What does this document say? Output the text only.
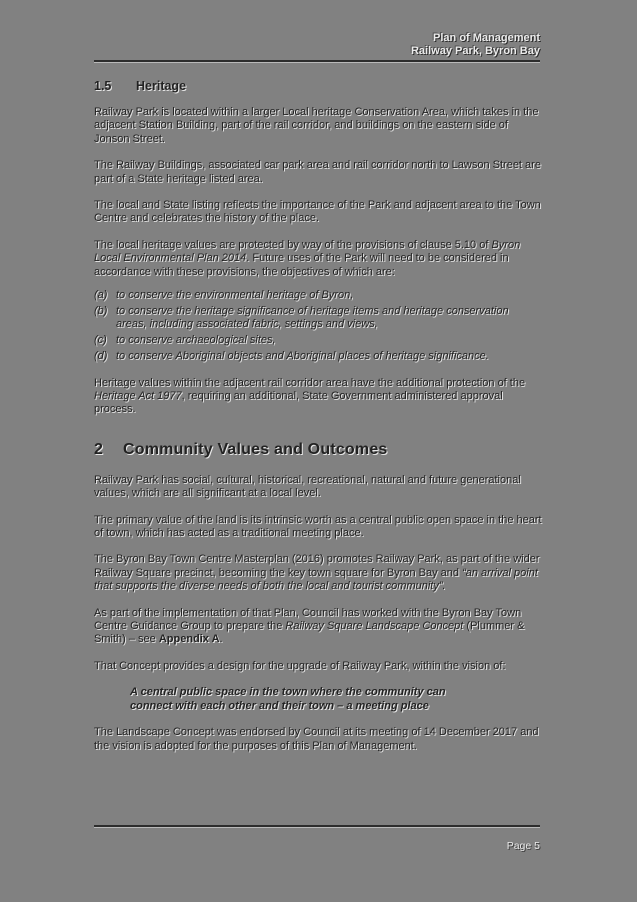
Plan of Management
Railway Park, Byron Bay
1.5	Heritage

Railway Park is located within a larger Local heritage Conservation Area, which takes in the adjacent Station Building, part of the rail corridor, and buildings on the eastern side of Jonson Street.

The Railway Buildings, associated car park area and rail corridor north to Lawson Street are part of a State heritage listed area.

The local and State listing reflects the importance of the Park and adjacent area to the Town Centre and celebrates the history of the place.

The local heritage values are protected by way of the provisions of clause 5.10 of Byron Local Environmental Plan 2014. Future uses of the Park will need to be considered in accordance with these provisions, the objectives of which are:

(a) to conserve the environmental heritage of Byron,
(b) to conserve the heritage significance of heritage items and heritage conservation areas, including associated fabric, settings and views,
(c) to conserve archaeological sites,
(d) to conserve Aboriginal objects and Aboriginal places of heritage significance.

Heritage values within the adjacent rail corridor area have the additional protection of the Heritage Act 1977, requiring an additional, State Government administered approval process.

2	Community Values and Outcomes

Railway Park has social, cultural, historical, recreational, natural and future generational values, which are all significant at a local level.

The primary value of the land is its intrinsic worth as a central public open space in the heart of town, which has acted as a traditional meeting place.

The Byron Bay Town Centre Masterplan (2016) promotes Railway Park, as part of the wider Railway Square precinct, becoming the key town square for Byron Bay and “an arrival point that supports the diverse needs of both the local and tourist community”.

As part of the implementation of that Plan, Council has worked with the Byron Bay Town Centre Guidance Group to prepare the Railway Square Landscape Concept (Plummer & Smith) – see Appendix A.

That Concept provides a design for the upgrade of Railway Park, within the vision of:

A central public space in the town where the community can connect with each other and their town – a meeting place

The Landscape Concept was endorsed by Council at its meeting of 14 December 2017 and the vision is adopted for the purposes of this Plan of Management.

Page 5
